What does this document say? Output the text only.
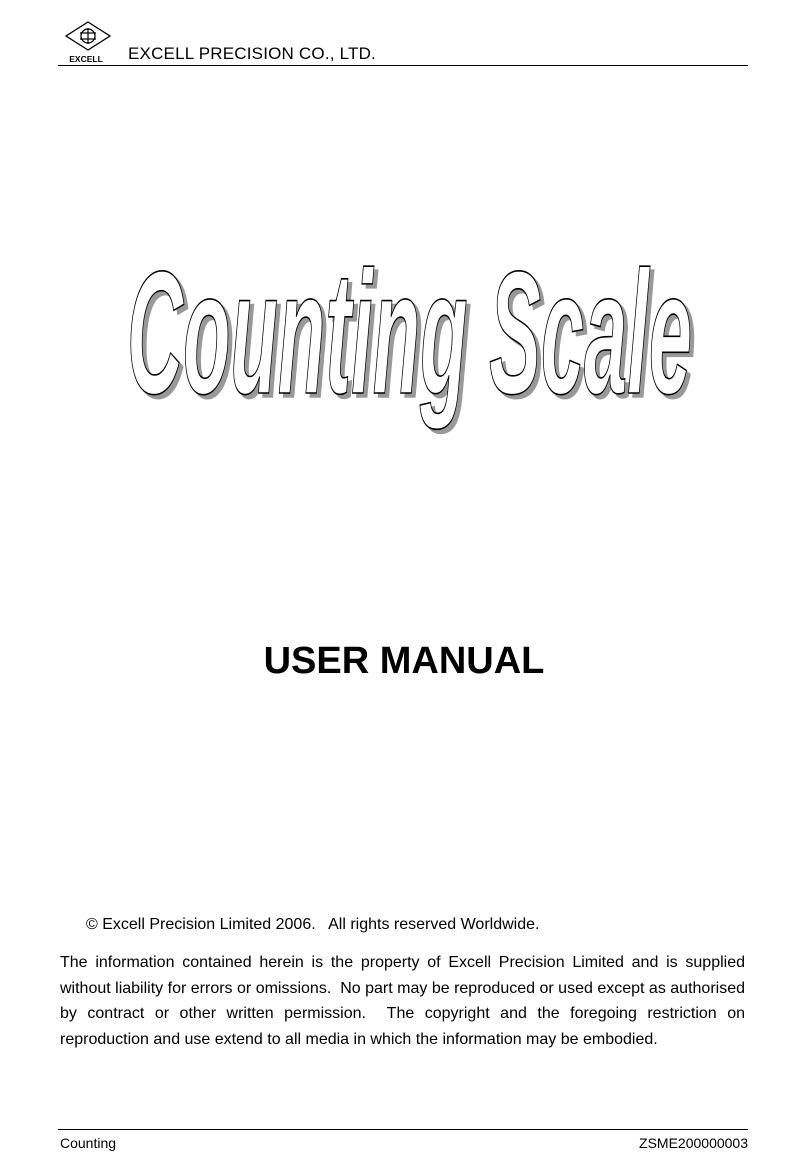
EXCELL EXCELL PRECISION CO., LTD.
Counting Scale
USER MANUAL
© Excell Precision Limited 2006.   All rights reserved Worldwide.
The information contained herein is the property of Excell Precision Limited and is supplied without liability for errors or omissions.  No part may be reproduced or used except as authorised by contract or other written permission.  The copyright and the foregoing restriction on reproduction and use extend to all media in which the information may be embodied.
Counting	ZSME200000003
